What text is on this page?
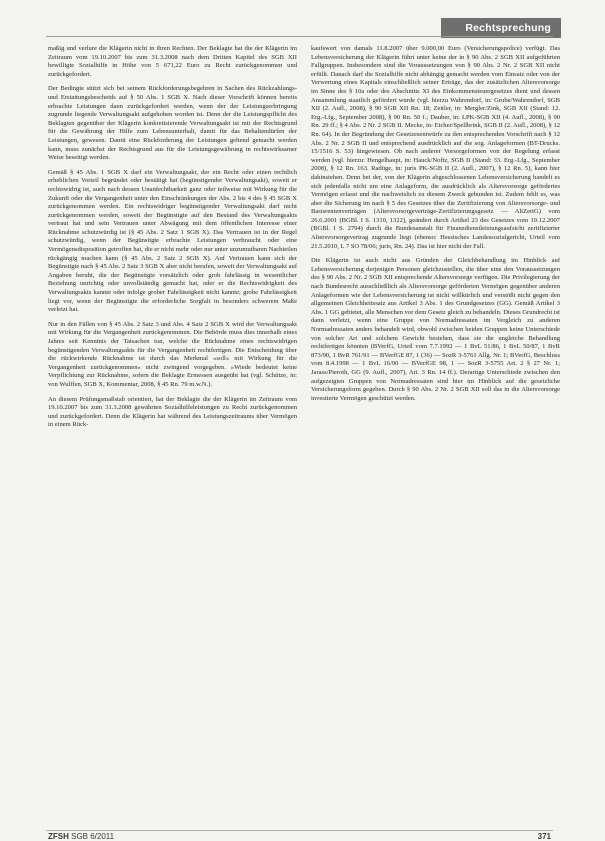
Rechtsprechung

maßig und verlure die Klägerin nicht in ihren Rechten. Der Beklagte hat die der Klägerin im Zeitraum vom 19.10.2007 bis zum 31.3.2008 nach dem Dritten Kapitel des SGB XII bewilligte Sozialhilfe in Höhe von 5 671,22 Euro zu Recht zurückgenommen und zurückgefordert.

Der Bedingte stützt sich bei seinem Rückforderungsbegehren in Sachen des Rückzahlungs- und Erstattungsbescheids auf § 50 Abs. 1 SGB X. Nach dieser Vorschrift können bereits erbrachte Leistungen dann zurückgefordert werden, wenn der der Leistungserbringung zugrunde liegende Verwaltungsakt aufgehoben worden ist. Denn der die Leistungspflicht des Beklagten gegenüber der Klägerin konkretisierende Verwaltungsakt ist mit der Rechtsgrund für die Gewährung der Hilfe zum Lebensunterhalt, damit für das Behaltendürfen der Leistungen, gewesen. Damit eine Rückforderung der Leistungen geltend gemacht werden kann, muss zunächst der Rechtsgrund aus für die Leistungsgewährung in rechtswirksamer Weise beseitigt werden.

Gemäß § 45 Abs. 1 SGB X darf ein Verwaltungsakt, der ein Recht oder einen rechtlich erheblichen Vorteil begründet oder bestätigt hat (begünstigender Verwaltungsakt), soweit er rechtswidrig ist, auch nach dessen Unanfechtbarkeit ganz oder teilweise mit Wirkung für die Zukunft oder die Vergangenheit unter den Einschränkungen der Abs. 2 bis 4 des § 45 SGB X zurückgenommen werden. Ein rechtswidriger begünstigender Verwaltungsakt darf nicht zurückgenommen werden, soweit der Begünstigte auf den Bestand des Verwaltungsakts vertraut hat und sein Vertrauen unter Abwägung mit dem öffentlichen Interesse einer Rücknahme schutzwürdig ist (§ 45 Abs. 2 Satz 1 SGB X). Das Vertrauen ist in der Regel schutzwürdig, wenn der Begünstigte erbrachte Leistungen verbraucht oder eine Vermögensdisposition getroffen hat, die er nicht mehr oder nur unter unzumutbaren Nachteilen rückgängig machen kann (§ 45 Abs. 2 Satz 2 SGB X). Auf Vertrauen kann sich der Begünstigte nach § 45 Abs. 2 Satz 3 SGB X aber nicht berufen, soweit der Verwaltungsakt auf Angaben beruht, die der Begünstigte vorsätzlich oder grob fahrlässig in wesentlicher Beziehung unrichtig oder unvollständig gemacht hat, oder er die Rechtswidrigkeit des Verwaltungsakts kannte oder infolge grober Fahrlässigkeit nicht kannte; grobe Fahrlässigkeit liegt vor, wenn der Begünstigte die erforderliche Sorgfalt in besonders schwerem Maße verletzt hat.

Nur in den Fällen von § 45 Abs. 2 Satz 3 und Abs. 4 Satz 2 SGB X wird der Verwaltungsakt mit Wirkung für die Vergangenheit zurückgenommen. Die Behörde muss dies innerhalb eines Jahres seit Kenntnis der Tatsachen tun, welche die Rücknahme eines rechtswidrigen begünstigenden Verwaltungsakts für die Vergangenheit rechtfertigen. Die Entscheidung über die rückwirkende Rücknahme ist durch das Merkmal »soll« mit Wirkung für die Vergangenheit zurückgenommen« nicht zwingend vorgegeben. »Wiede bedeutet keine Verpflichtung zur Rücknahme, sofern die Beklagte Ermessen ausgeübt hat (vgl. Schütze, in: von Wulffen, SGB X, Kommentar, 2008, § 45 Rn. 79 m.w.N.).

An diesem Prüfungsmaßstab orientiert, hat der Beklagte die der Klägerin im Zeitraum vom 19.10.2007 bis zum 31.3.2008 gewährten Sozialhilfeleistungen zu Recht zurückgenommen und zurückgefordert. Denn die Klägerin hat während des Leistungszeitraums über Vermögen in einem Rück-

kaufswert von damals 11.8.2007 über 9.000,00 Euro (Versicherungspolice) verfügt. Das Lebensversicherung der Klägerin führt unter keine der in § 90 Abs. 2 SGB XII aufgeführten Fallgruppen. Insbesondere sind die Voraussetzungen von § 90 Abs. 2 Nr. 2 SGB XII nicht erfüllt. Danach darf die Sozialhilfe nicht abhängig gemacht werden vom Einsatz oder von der Verwertung eines Kapitals einschließlich seiner Erträge, das der zusätzlichen Altersvorsorge im Sinne des § 10a oder des Abschnitts XI des Einkommensteuergesetzes dient und dessen Ansammlung staatlich gefördert wurde (vgl. hierzu Wahrendorf, in: Grube/Wahrendorf, SGB XII (2. Aufl., 2008), § 90 SGB XII Rn. 18; Zeitler, in: Mergler/Zink, SGB XII (Stand: 12. Erg.-Lfg., September 2008), § 90 Rn. 50 f.; Dauber, in: LPK-SGB XII (4. Aufl., 2008), § 90 Rn. 29 ff.; § 4 Abs. 2 Nr. 2 SGB II. Mecke, in: Eicher/Spellbrink, SGB II (2. Aufl., 2008), § 12 Rn. 64). In der Begründung der Gesetzesentwürfe zu den entsprechenden Vorschrift nach § 12 Abs. 2 Nr. 2 SGB II und entsprechend ausdrücklich auf die sog. Anlageformen (BT-Drucks. 15/1516 S. 53) hingewiesen. Ob nach anderer Vorsorgeformen von der Regelung erfasst werden (vgl. hierzu: Hengelhaupt, in: Hauck/Noftz, SGB II (Stand: 33. Erg.-Lfg., September 2008), § 12 Rn. 163. Radüge, in: juris PK-SGB II (2. Aufl., 2007), § 12 Rn. 5), kann hier dahinstehen. Denn bei der, von der Klägerin abgeschlossenen Lebensversicherung handelt es sich jedenfalls nicht um eine Anlageform, die ausdrücklich als Altersvorsorge gefördertes Vermögen erfasst und die nachweislich zu diesem Zweck gebunden ist. Zudem fehlt es, was aber die Sicherung im nach § 5 des Gesetzes über die Zertifizierung von Altersvorsorge- und Basisrentenverträgen (Altersvorsorgeverträge-Zertifizierungsgesetz — AltZertG) vom 26.6.2001 (BGBl. I S. 1310, 1322), geändert durch Artikel 23 des Gesetzes vom 19.12.2007 (BGBl. I S. 2794) durch die Bundesanstalt für Finanzdienstleistungsaufsicht zertifizierter Altersvorsorgevertrag zugrunde liegt (ebenso: Hessisches Landessozialgericht, Urteil vom 21.5.2010, L 7 SO 78/06; juris, Rn. 24). Das ist hier nicht der Fall.

Die Klägerin ist auch nicht aus Gründen der Gleichbehandlung im Hinblick auf Lebensversicherung derjenigen Personen gleichzustellen, die über eine den Voraussetzungen des § 90 Abs. 2 Nr. 2 SGB XII entsprechende Altersvorsorge verfügen. Die Privilegierung der nach Bundesrecht ausschließlich als Altersvorsorge geförderten Vermögen gegenüber anderen Anlageformen wie der Lebensversicherung ist nicht willkürlich und verstößt nicht gegen den allgemeinen Gleichheitssatz aus Artikel 3 Abs. 1 des Grundgesetzes (GG). Gemäß Artikel 3 Abs. 1 GG gebietet, alle Menschen vor dem Gesetz gleich zu behandeln. Dieses Grundrecht ist dann verletzt, wenn eine Gruppe von Normadressaten im Vergleich zu anderen Normadressaten anders behandelt wird, obwohl zwischen beiden Gruppen keine Unterschiede von solcher Art und solchem Gewicht bestehen, dass sie die ungleiche Behandlung rechtfertigen könnten (BVerfG, Urteil vom 7.7.1992 — 1 BvL 51/86, 1 BvL 50/87, 1 BvR 873/90, 1 BvR 761/91 — BVerfGE 87, 1 (36) — SozR 3-5761 Allg. Nr. 1; BVerfG, Beschluss vom 8.4.1998 — 1 BvL 16/90 — BVerfGE 98, 1 — SozR 3-5755 Art. 2 § 27 Nr. 1; Jarass/Pieroth, GG (9. Aufl., 2007), Art. 3 Rn. 14 ff.). Derartige Unterschiede zwischen den aufgezeigten Gruppen von Normadressaten sind hier im Hinblick auf die gesetzliche Versicherungsform gegeben. Durch § 90 Abs. 2 Nr. 2 SGB XII soll das in die Altersvorsorge investierte Vermögen geschützt werden.

ZFSH SGB 6/2011	371
